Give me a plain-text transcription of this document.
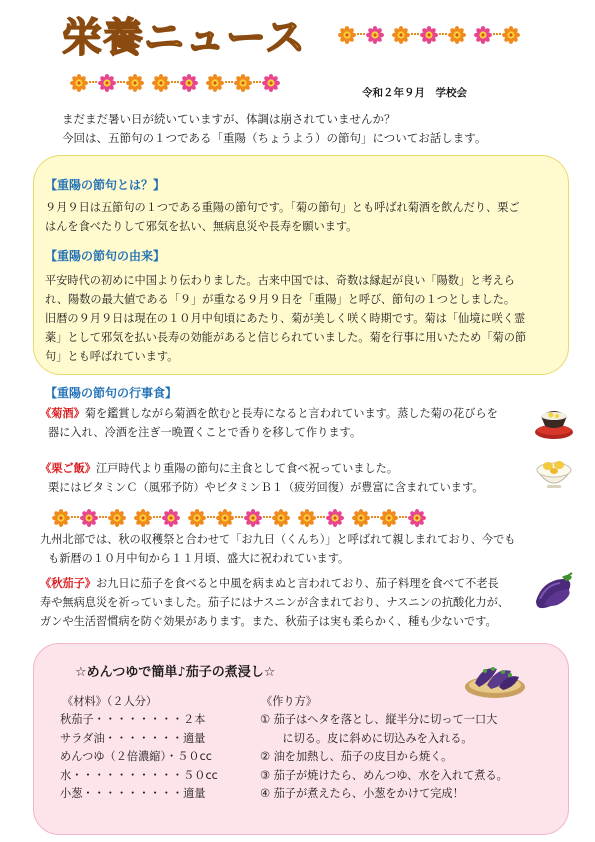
栄養ニュース
令和２年９月　学校会
まだまだ暑い日が続いていますが、体調は崩されていませんか？
今回は、五節句の１つである「重陽（ちょうよう）の節句」についてお話します。
【重陽の節句とは？】
９月９日は五節句の１つである重陽の節句です。「菊の節句」とも呼ばれ菊酒を飲んだり、栗ご
はんを食べたりして邪気を払い、無病息災や長寿を願います。
【重陽の節句の由来】
平安時代の初めに中国より伝わりました。古来中国では、奇数は縁起が良い「陽数」と考えら
れ、陽数の最大値である「９」が重なる９月９日を「重陽」と呼び、節句の１つとしました。
旧暦の９月９日は現在の１０月中旬頃にあたり、菊が美しく咲く時期です。菊は「仙境に咲く霊
薬」として邪気を払い長寿の効能があると信じられていました。菊を行事に用いたため「菊の節
句」とも呼ばれています。
【重陽の節句の行事食】
《菊酒》菊を鑑賞しながら菊酒を飲むと長寿になると言われています。蒸した菊の花びらを
器に入れ、冷酒を注ぎ一晩置くことで香りを移して作ります。
《栗ご飯》江戸時代より重陽の節句に主食として食べ祝っていました。
栗にはビタミンＣ（風邪予防）やビタミンＢ１（疲労回復）が豊富に含まれています。
九州北部では、秋の収穫祭と合わせて「お九日（くんち）」と呼ばれて親しまれており、今でも
も新暦の１０月中旬から１１月頃、盛大に祝われています。
《秋茄子》お九日に茄子を食べると中風を病まぬと言われており、茄子料理を食べて不老長
寿や無病息災を祈っていました。茄子にはナスニンが含まれており、ナスニンの抗酸化力が、
ガンや生活習慣病を防ぐ効果があります。また、秋茄子は実も柔らかく、種も少ないです。
☆めんつゆで簡単♪茄子の煮浸し☆
《材料》（２人分）
秋茄子・・・・・・・・２本
サラダ油・・・・・・・適量
めんつゆ（２倍濃縮）・５０cc
水・・・・・・・・・・５０cc
小葱・・・・・・・・・適量
《作り方》
① 茄子はヘタを落とし、縦半分に切って一口大
　　に切る。皮に斜めに切込みを入れる。
② 油を加熱し、茄子の皮目から焼く。
③ 茄子が焼けたら、めんつゆ、水を入れて煮る。
④ 茄子が煮えたら、小葱をかけて完成！
